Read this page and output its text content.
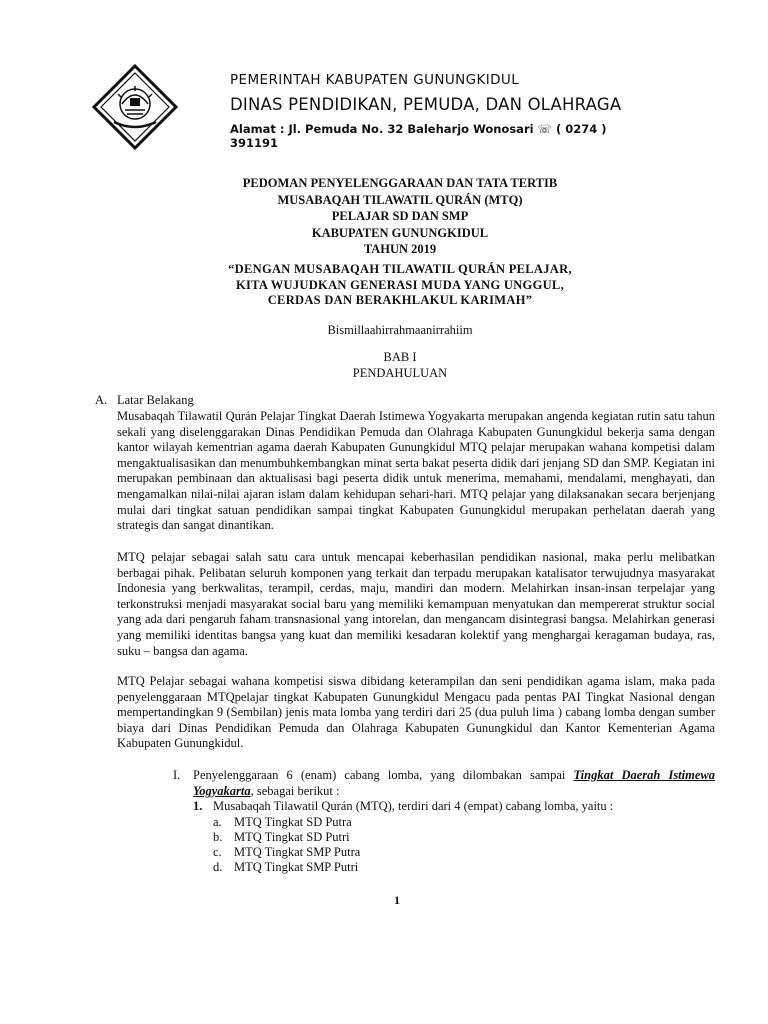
PEMERINTAH KABUPATEN GUNUNGKIDUL
DINAS PENDIDIKAN, PEMUDA, DAN OLAHRAGA
Alamat : Jl. Pemuda No. 32 Baleharjo Wonosari ☏ ( 0274 ) 391191
PEDOMAN PENYELENGGARAAN DAN TATA TERTIB
MUSABAQAH TILAWATIL QURÁN (MTQ)
PELAJAR SD DAN SMP
KABUPATEN GUNUNGKIDUL
TAHUN 2019
“DENGAN MUSABAQAH TILAWATIL QURÁN PELAJAR,
KITA WUJUDKAN GENERASI MUDA YANG UNGGUL,
CERDAS DAN BERAKHLAKUL KARIMAH”
Bismillaahirrahmaanirrahiim
BAB I
PENDAHULUAN
A. Latar Belakang
Musabaqah Tilawatil Qurán Pelajar Tingkat Daerah Istimewa Yogyakarta merupakan angenda kegiatan rutin satu tahun sekali yang diselenggarakan Dinas Pendidikan Pemuda dan Olahraga Kabupaten Gunungkidul bekerja sama dengan kantor wilayah kementrian agama daerah Kabupaten Gunungkidul MTQ pelajar merupakan wahana kompetisi dalam mengaktualisasikan dan menumbuhkembangkan minat serta bakat peserta didik dari jenjang SD dan SMP. Kegiatan ini merupakan pembinaan dan aktualisasi bagi peserta didik untuk menerima, memahami, mendalami, menghayati, dan mengamalkan nilai-nilai ajaran islam dalam kehidupan sehari-hari. MTQ pelajar yang dilaksanakan secara berjenjang mulai dari tingkat satuan pendidikan sampai tingkat Kabupaten Gunungkidul merupakan perhelatan daerah yang strategis dan sangat dinantikan.
MTQ pelajar sebagai salah satu cara untuk mencapai keberhasilan pendidikan nasional, maka perlu melibatkan berbagai pihak. Pelibatan seluruh komponen yang terkait dan terpadu merupakan katalisator terwujudnya masyarakat Indonesia yang berkwalitas, terampil, cerdas, maju, mandiri dan modern. Melahirkan insan-insan terpelajar yang terkonstruksi menjadi masyarakat social baru yang memiliki kemampuan menyatukan dan mempererat struktur social yang ada dari pengaruh faham transnasional yang intorelan, dan mengancam disintegrasi bangsa. Melahirkan generasi yang memiliki identitas bangsa yang kuat dan memiliki kesadaran kolektif yang menghargai keragaman budaya, ras, suku – bangsa dan agama.
MTQ Pelajar sebagai wahana kompetisi siswa dibidang keterampilan dan seni pendidikan agama islam, maka pada penyelenggaraan MTQpelajar tingkat Kabupaten Gunungkidul Mengacu pada pentas PAI Tingkat Nasional dengan mempertandingkan 9 (Sembilan) jenis mata lomba yang terdiri dari 25 (dua puluh lima ) cabang lomba dengan sumber biaya dari Dinas Pendidikan Pemuda dan Olahraga Kabupaten Gunungkidul dan Kantor Kementerian Agama Kabupaten Gunungkidul.
I. Penyelenggaraan 6 (enam) cabang lomba, yang dilombakan sampai Tingkat Daerah Istimewa Yogyakarta, sebagai berikut :
1. Musabaqah Tilawatil Qurán (MTQ), terdiri dari 4 (empat) cabang lomba, yaitu :
a. MTQ Tingkat SD Putra
b. MTQ Tingkat SD Putri
c. MTQ Tingkat SMP Putra
d. MTQ Tingkat SMP Putri
1
